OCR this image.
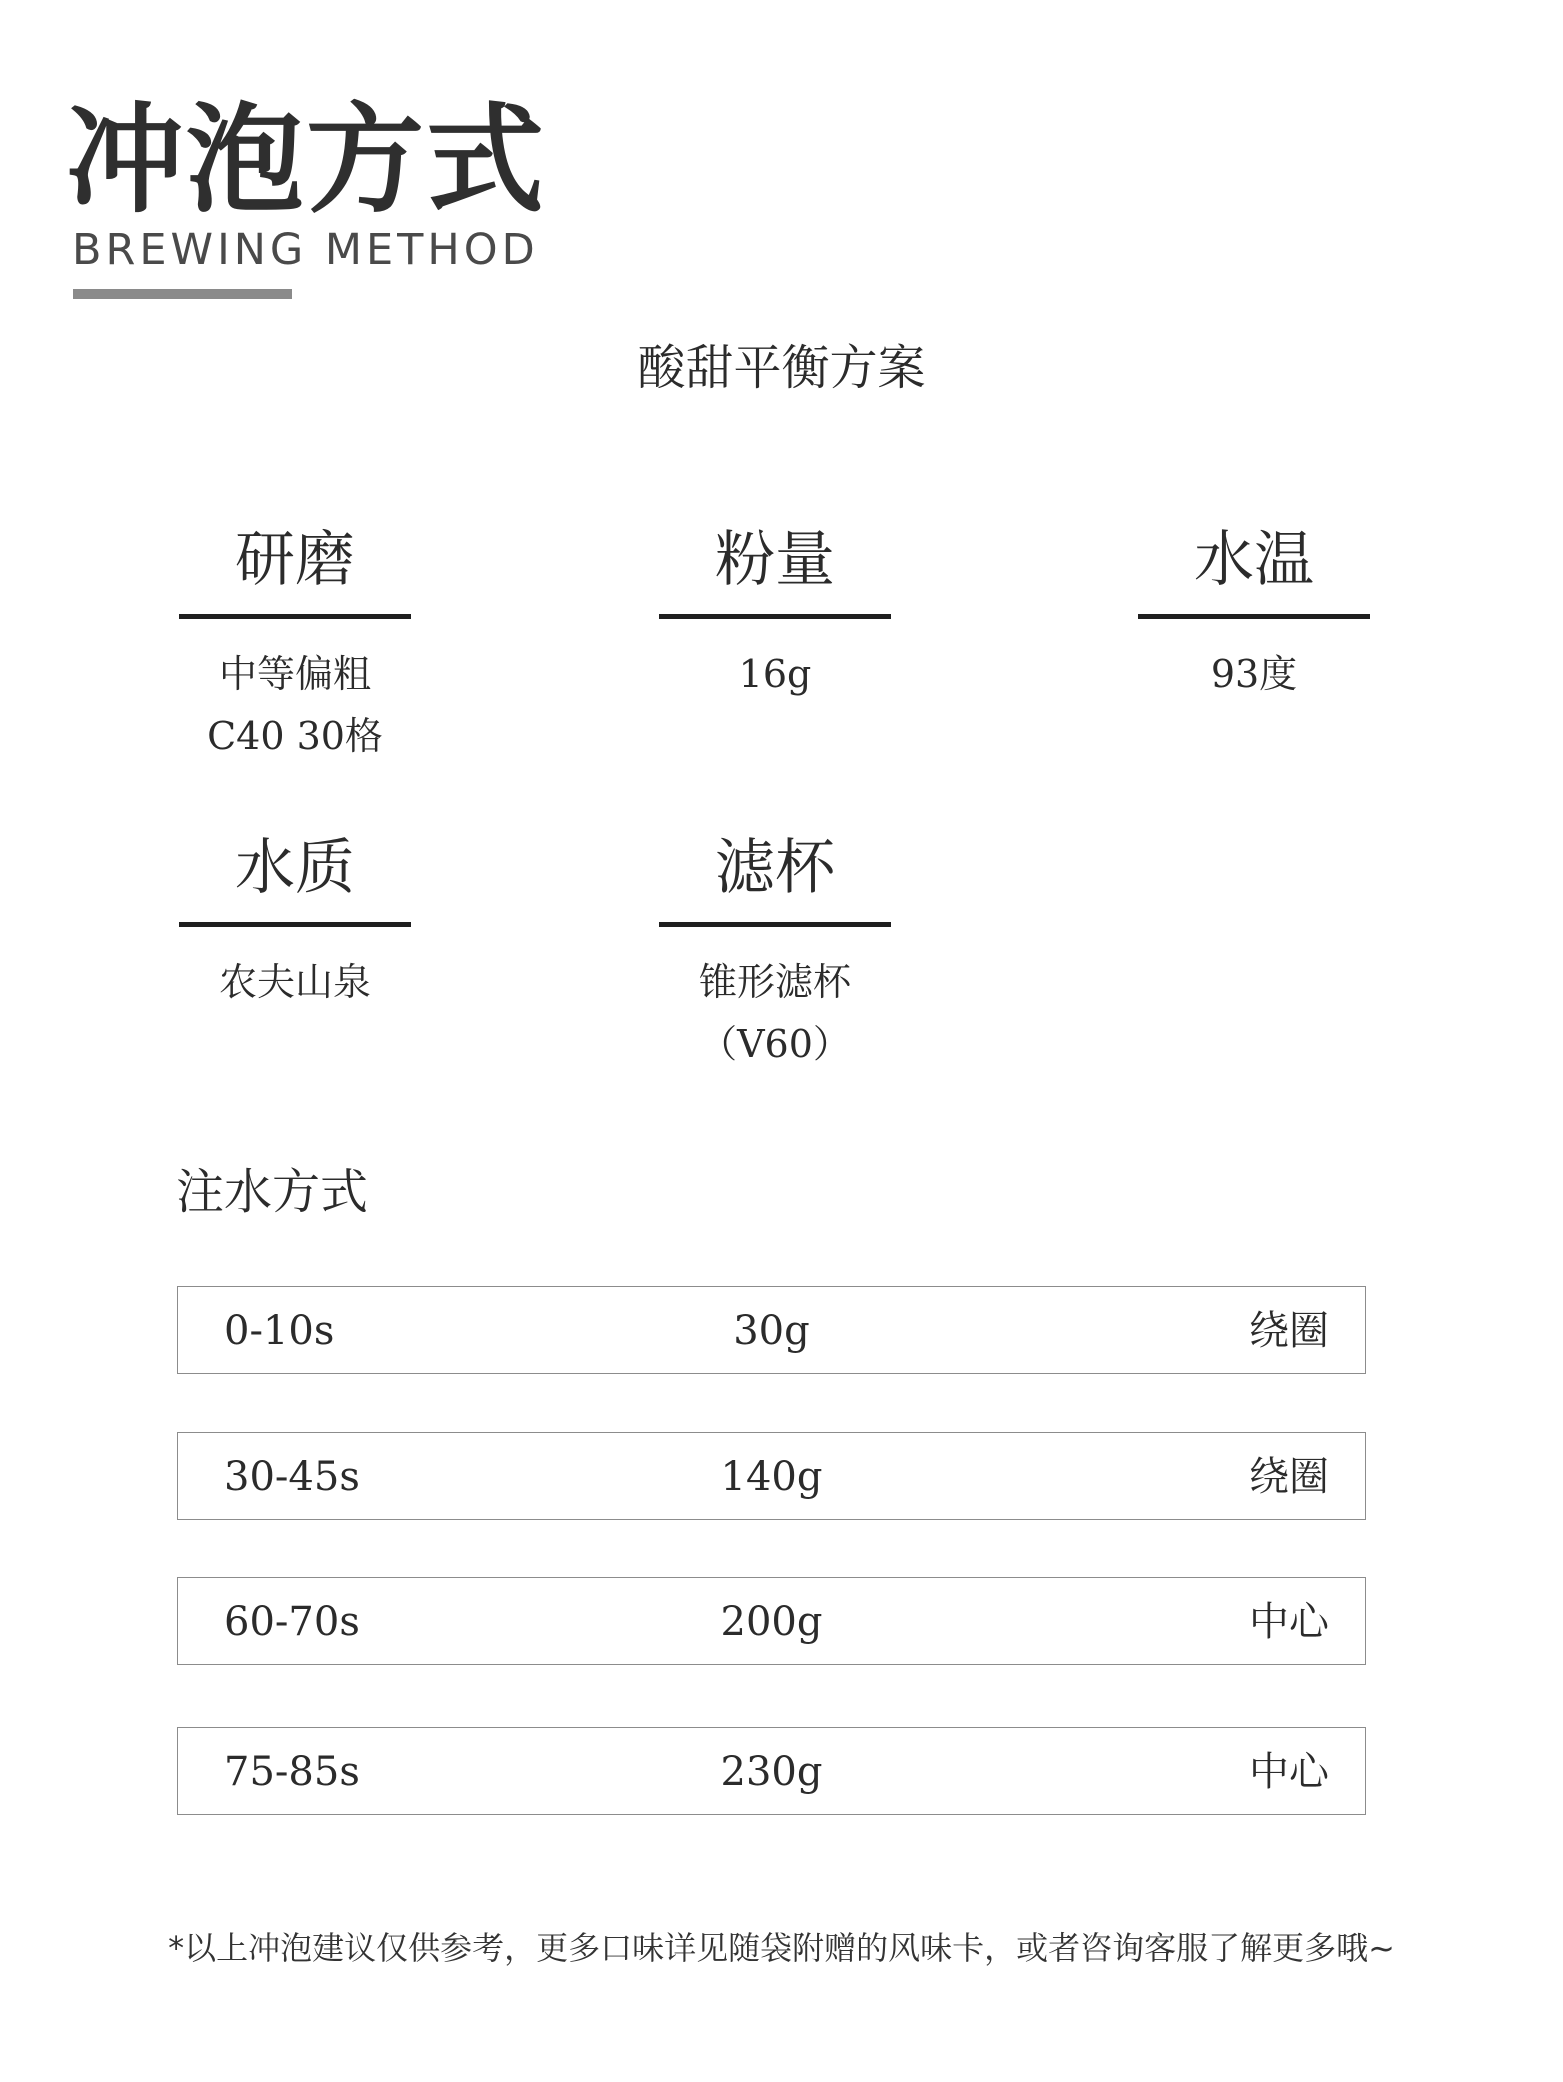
冲泡方式
BREWING METHOD
酸甜平衡方案
研磨
中等偏粗
C40 30格
粉量
16g
水温
93度
水质
农夫山泉
滤杯
锥形滤杯
（V60）
注水方式
0-10s	30g	绕圈
30-45s	140g	绕圈
60-70s	200g	中心
75-85s	230g	中心
*以上冲泡建议仅供参考，更多口味详见随袋附赠的风味卡，或者咨询客服了解更多哦~
